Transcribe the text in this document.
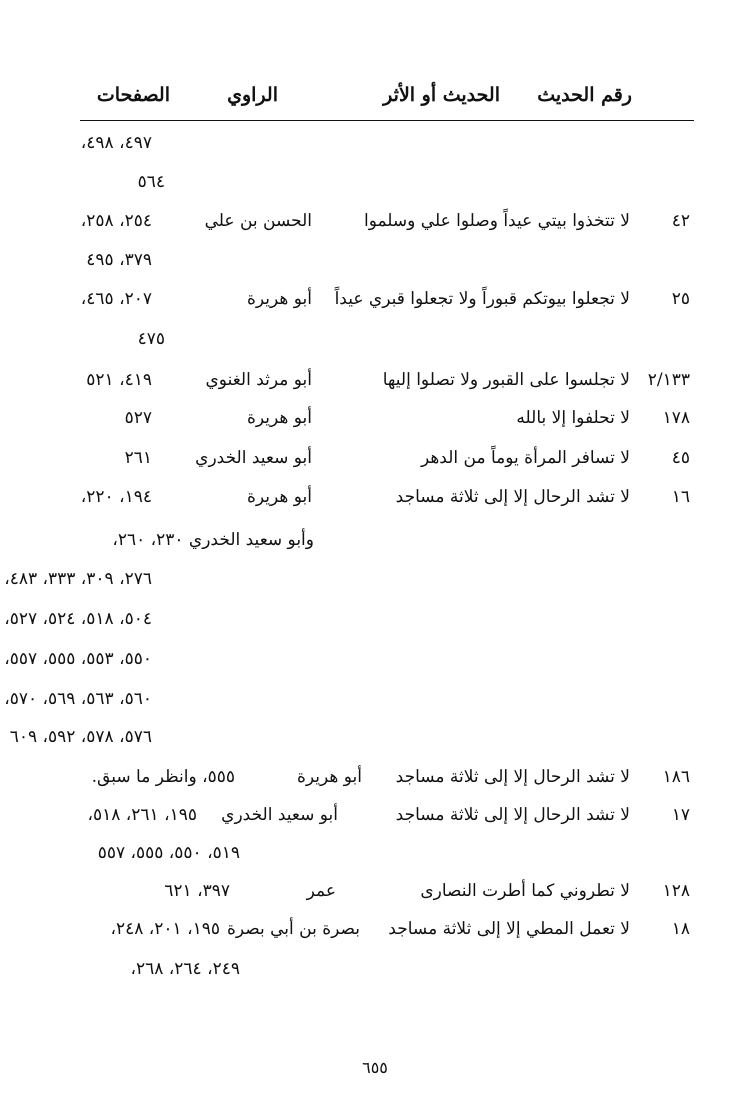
رقم الحديث
الحديث أو الأثر
الراوي
الصفحات
٤٩٧، ٤٩٨،
٥٦٤
٤٢
لا تتخذوا بيتي عيداً وصلوا علي وسلموا
الحسن بن علي
٢٥٤، ٢٥٨،
٣٧٩، ٤٩٥
٢٥
لا تجعلوا بيوتكم قبوراً ولا تجعلوا قبري عيداً
أبو هريرة
٢٠٧، ٤٦٥،
٤٧٥
٢/١٣٣
لا تجلسوا على القبور ولا تصلوا إليها
أبو مرثد الغنوي
٤١٩، ٥٢١
١٧٨
لا تحلفوا إلا بالله
أبو هريرة
٥٢٧
٤٥
لا تسافر المرأة يوماً من الدهر
أبو سعيد الخدري
٢٦١
١٦
لا تشد الرحال إلا إلى ثلاثة مساجد
أبو هريرة
١٩٤، ٢٢٠،
وأبو سعيد الخدري ٢٣٠، ٢٦٠،
٢٧٦، ٣٠٩، ٣٣٣، ٤٨٣،
٥٠٤، ٥١٨، ٥٢٤، ٥٢٧،
٥٥٠، ٥٥٣، ٥٥٥، ٥٥٧،
٥٦٠، ٥٦٣، ٥٦٩، ٥٧٠،
٥٧٦، ٥٧٨، ٥٩٢، ٦٠٩
١٨٦
لا تشد الرحال إلا إلى ثلاثة مساجد
أبو هريرة
٥٥٥، وانظر ما سبق.
١٧
لا تشد الرحال إلا إلى ثلاثة مساجد
أبو سعيد الخدري
١٩٥، ٢٦١، ٥١٨،
٥١٩، ٥٥٠، ٥٥٥، ٥٥٧
١٢٨
لا تطروني كما أطرت النصارى
عمر
٣٩٧، ٦٢١
١٨
لا تعمل المطي إلا إلى ثلاثة مساجد
بصرة بن أبي بصرة
١٩٥، ٢٠١، ٢٤٨،
٢٤٩، ٢٦٤، ٢٦٨،
٦٥٥
